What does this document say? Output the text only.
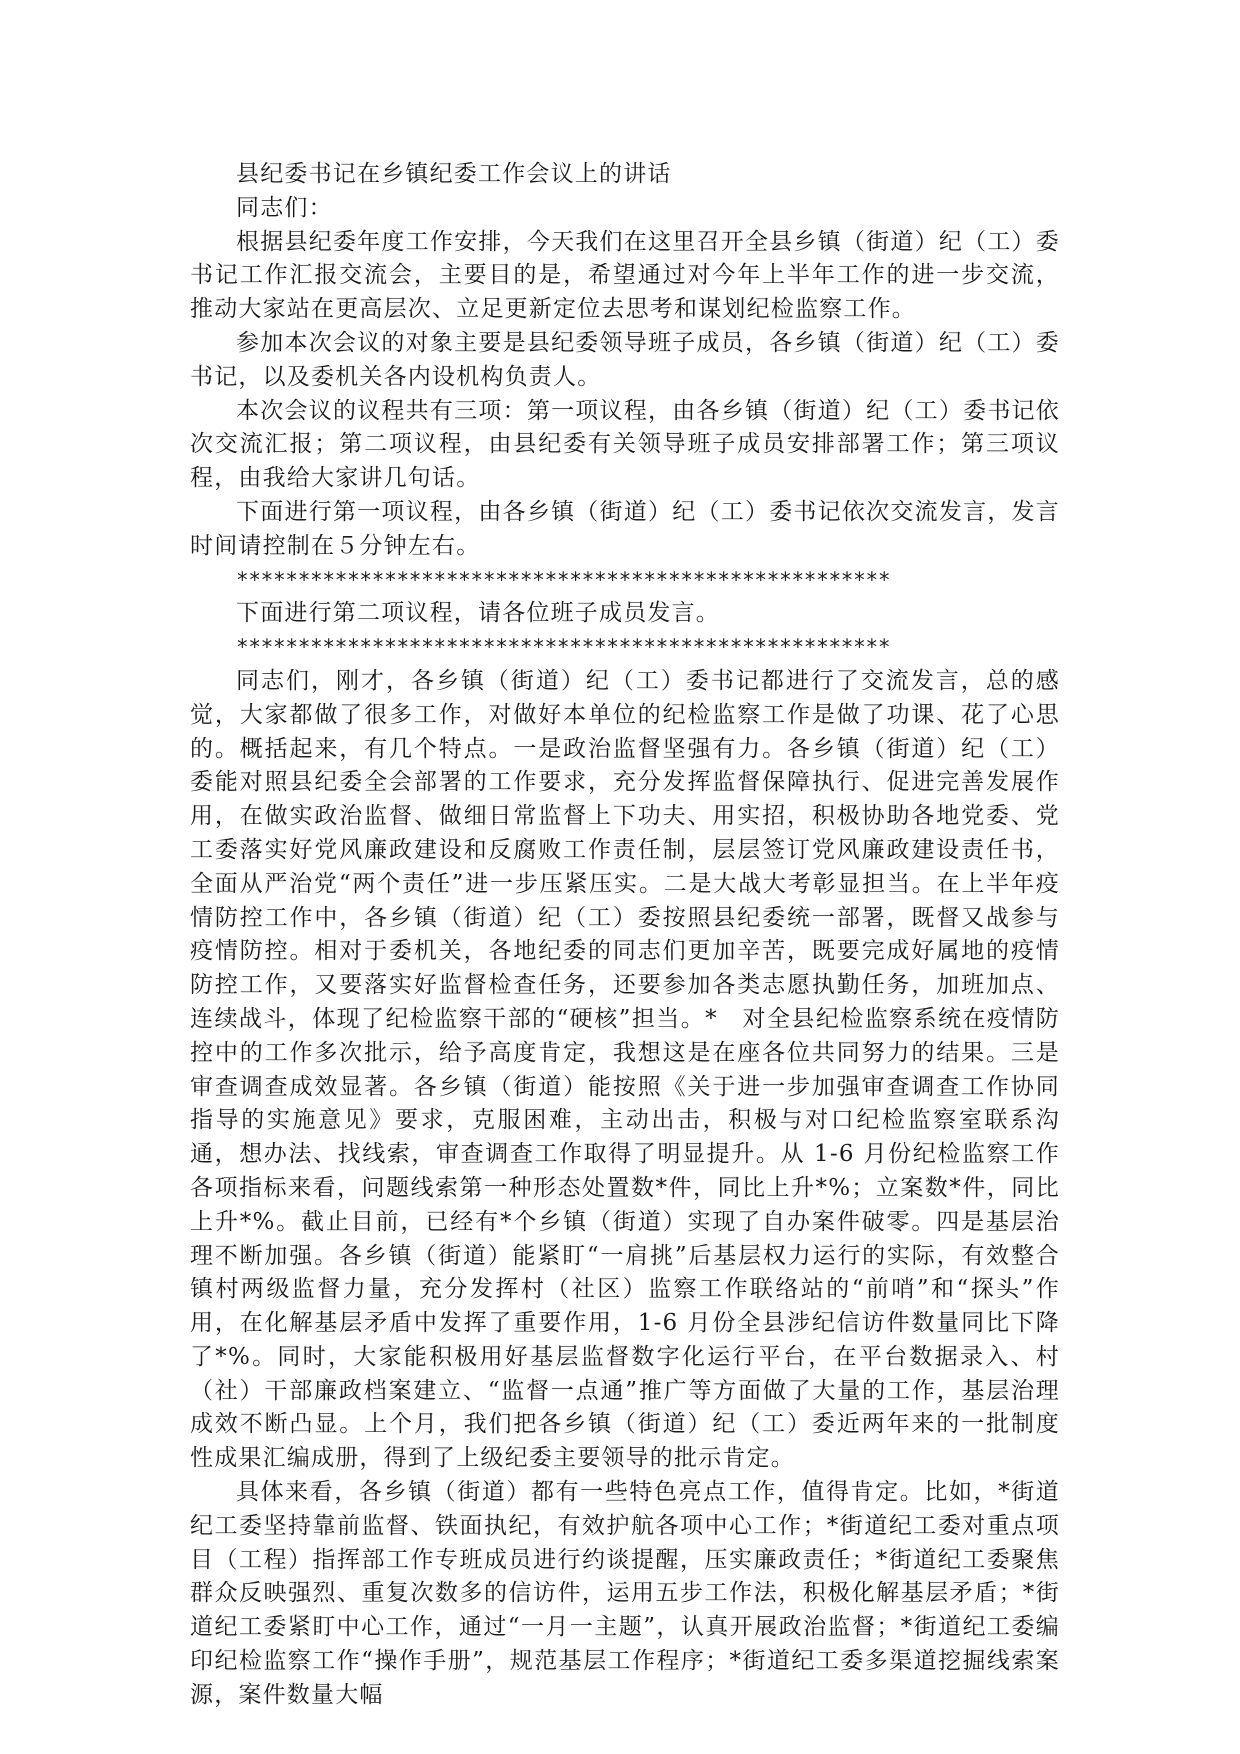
县纪委书记在乡镇纪委工作会议上的讲话

同志们：

根据县纪委年度工作安排，今天我们在这里召开全县乡镇（街道）纪（工）委书记工作汇报交流会，主要目的是，希望通过对今年上半年工作的进一步交流，推动大家站在更高层次、立足更新定位去思考和谋划纪检监察工作。

参加本次会议的对象主要是县纪委领导班子成员，各乡镇（街道）纪（工）委书记，以及委机关各内设机构负责人。

本次会议的议程共有三项：第一项议程，由各乡镇（街道）纪（工）委书记依次交流汇报；第二项议程，由县纪委有关领导班子成员安排部署工作；第三项议程，由我给大家讲几句话。

下面进行第一项议程，由各乡镇（街道）纪（工）委书记依次交流发言，发言时间请控制在５分钟左右。

*****************************************************

下面进行第二项议程，请各位班子成员发言。

*****************************************************

同志们，刚才，各乡镇（街道）纪（工）委书记都进行了交流发言，总的感觉，大家都做了很多工作，对做好本单位的纪检监察工作是做了功课、花了心思的。概括起来，有几个特点。一是政治监督坚强有力。各乡镇（街道）纪（工）委能对照县纪委全会部署的工作要求，充分发挥监督保障执行、促进完善发展作用，在做实政治监督、做细日常监督上下功夫、用实招，积极协助各地党委、党工委落实好党风廉政建设和反腐败工作责任制，层层签订党风廉政建设责任书，全面从严治党“两个责任”进一步压紧压实。二是大战大考彰显担当。在上半年疫情防控工作中，各乡镇（街道）纪（工）委按照县纪委统一部署，既督又战参与疫情防控。相对于委机关，各地纪委的同志们更加辛苦，既要完成好属地的疫情防控工作，又要落实好监督检查任务，还要参加各类志愿执勤任务，加班加点、连续战斗，体现了纪检监察干部的“硬核”担当。*　对全县纪检监察系统在疫情防控中的工作多次批示，给予高度肯定，我想这是在座各位共同努力的结果。三是审查调查成效显著。各乡镇（街道）能按照《关于进一步加强审查调查工作协同指导的实施意见》要求，克服困难，主动出击，积极与对口纪检监察室联系沟通，想办法、找线索，审查调查工作取得了明显提升。从 1-6 月份纪检监察工作各项指标来看，问题线索第一种形态处置数*件，同比上升*%；立案数*件，同比上升*%。截止目前，已经有*个乡镇（街道）实现了自办案件破零。四是基层治理不断加强。各乡镇（街道）能紧盯“一肩挑”后基层权力运行的实际，有效整合镇村两级监督力量，充分发挥村（社区）监察工作联络站的“前哨”和“探头”作用，在化解基层矛盾中发挥了重要作用，1-6 月份全县涉纪信访件数量同比下降了*%。同时，大家能积极用好基层监督数字化运行平台，在平台数据录入、村（社）干部廉政档案建立、“监督一点通”推广等方面做了大量的工作，基层治理成效不断凸显。上个月，我们把各乡镇（街道）纪（工）委近两年来的一批制度性成果汇编成册，得到了上级纪委主要领导的批示肯定。

具体来看，各乡镇（街道）都有一些特色亮点工作，值得肯定。比如，*街道纪工委坚持靠前监督、铁面执纪，有效护航各项中心工作；*街道纪工委对重点项目（工程）指挥部工作专班成员进行约谈提醒，压实廉政责任；*街道纪工委聚焦群众反映强烈、重复次数多的信访件，运用五步工作法，积极化解基层矛盾；*街道纪工委紧盯中心工作，通过“一月一主题”，认真开展政治监督；*街道纪工委编印纪检监察工作“操作手册”，规范基层工作程序；*街道纪工委多渠道挖掘线索案源，案件数量大幅
